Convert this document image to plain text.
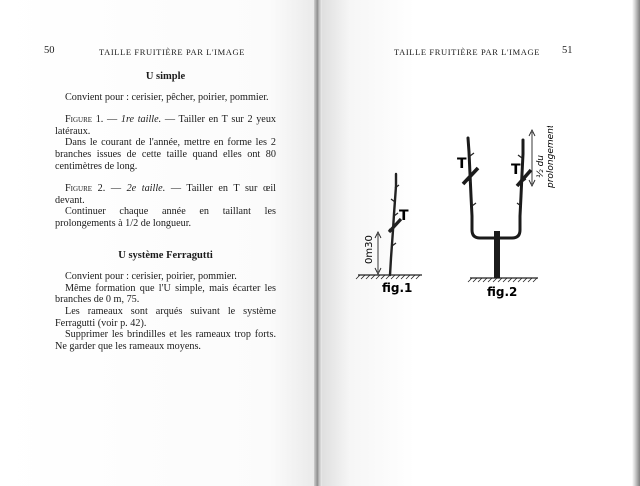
50	TAILLE FRUITIÈRE PAR L'IMAGE
U simple
Convient pour : cerisier, pêcher, poirier, pommier.
Figure 1. — 1re taille. — Tailler en T sur 2 yeux latéraux.
Dans le courant de l'année, mettre en forme les 2 branches issues de cette taille quand elles ont 80 centimètres de long.
Figure 2. — 2e taille. — Tailler en T sur œil devant.
Continuer chaque année en taillant les prolongements à 1/2 de longueur.
U système Ferragutti
Convient pour : cerisier, poirier, pommier.
Même formation que l'U simple, mais écarter les branches de 0 m, 75.
Les rameaux sont arqués suivant le système Ferragutti (voir p. 42).
Supprimer les brindilles et les rameaux trop forts. Ne garder que les rameaux moyens.
TAILLE FRUITIÈRE PAR L'IMAGE 51
0m30
T
fig.1
T	T ½ du prolongement
fig.2
